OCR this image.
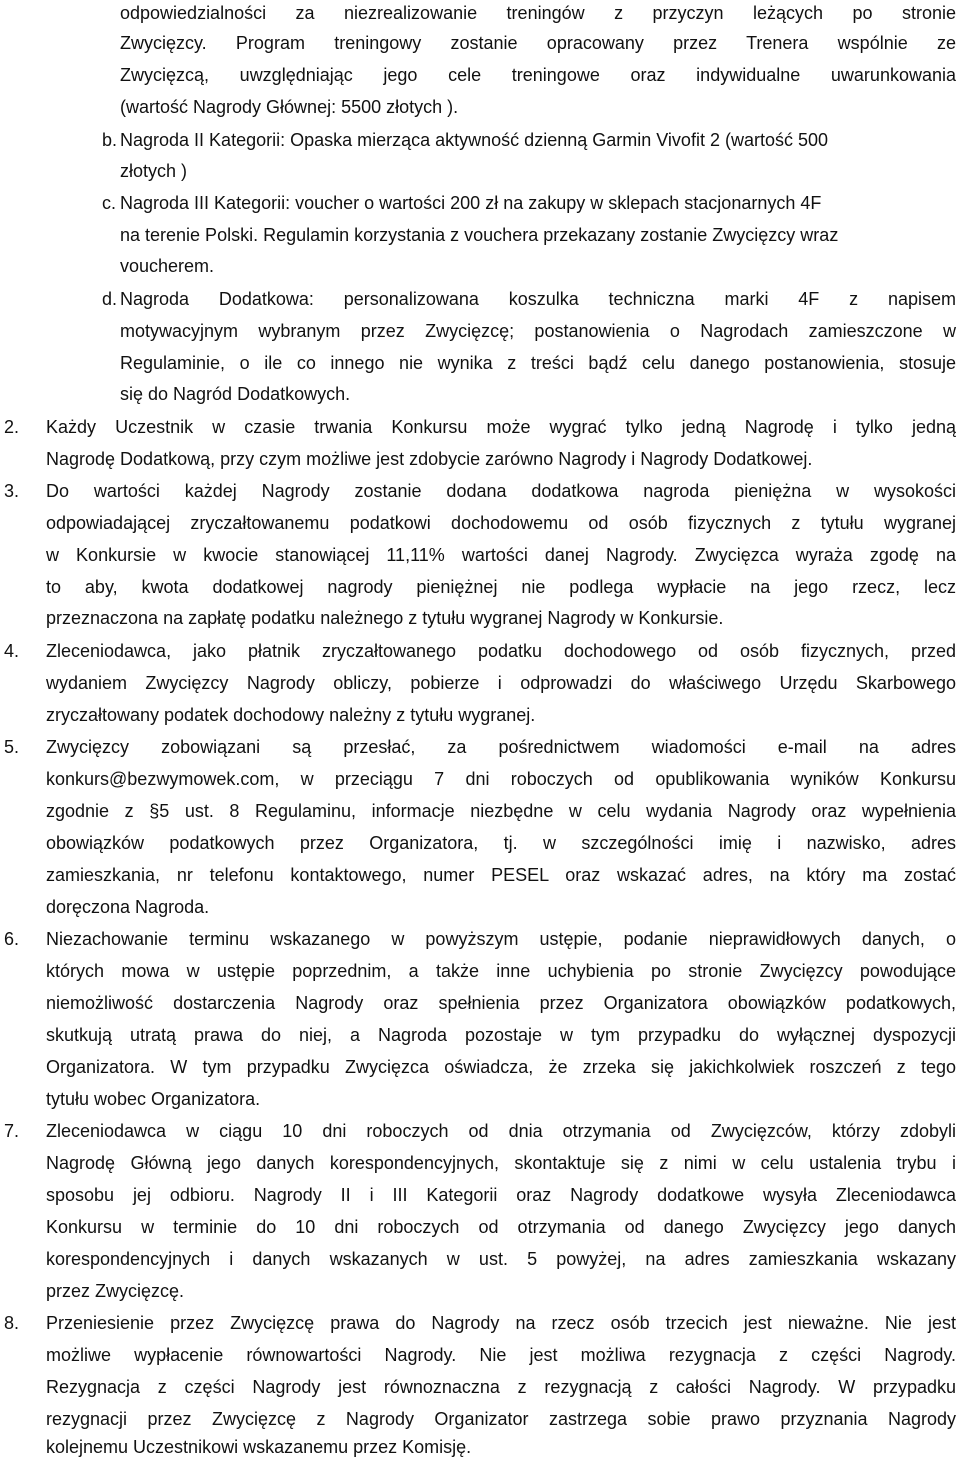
odpowiedzialności za niezrealizowanie treningów z przyczyn leżących po stronie
Zwycięzcy. Program treningowy zostanie opracowany przez Trenera wspólnie ze
Zwycięzcą, uwzględniając jego cele treningowe oraz indywidualne uwarunkowania
(wartość Nagrody Głównej: 5500 złotych ).
b. Nagroda II Kategorii: Opaska mierząca aktywność dzienną Garmin Vivofit 2 (wartość 500
złotych )
c. Nagroda III Kategorii: voucher o wartości 200 zł na zakupy w sklepach stacjonarnych 4F
na terenie Polski. Regulamin korzystania z vouchera przekazany zostanie Zwycięzcy wraz
voucherem.
d. Nagroda Dodatkowa: personalizowana koszulka techniczna marki 4F z napisem
motywacyjnym wybranym przez Zwycięzcę; postanowienia o Nagrodach zamieszczone w
Regulaminie, o ile co innego nie wynika z treści bądź celu danego postanowienia, stosuje
się do Nagród Dodatkowych.
2. Każdy Uczestnik w czasie trwania Konkursu może wygrać tylko jedną Nagrodę i tylko jedną
Nagrodę Dodatkową, przy czym możliwe jest zdobycie zarówno Nagrody i Nagrody Dodatkowej.
3. Do wartości każdej Nagrody zostanie dodana dodatkowa nagroda pieniężna w wysokości
odpowiadającej zryczałtowanemu podatkowi dochodowemu od osób fizycznych z tytułu wygranej
w Konkursie w kwocie stanowiącej 11,11% wartości danej Nagrody. Zwycięzca wyraża zgodę na
to aby, kwota dodatkowej nagrody pieniężnej nie podlega wypłacie na jego rzecz, lecz
przeznaczona na zapłatę podatku należnego z tytułu wygranej Nagrody w Konkursie.
4. Zleceniodawca, jako płatnik zryczałtowanego podatku dochodowego od osób fizycznych, przed
wydaniem Zwycięzcy Nagrody obliczy, pobierze i odprowadzi do właściwego Urzędu Skarbowego
zryczałtowany podatek dochodowy należny z tytułu wygranej.
5. Zwycięzcy zobowiązani są przesłać, za pośrednictwem wiadomości e-mail na adres
konkurs@bezwymowek.com, w przeciągu 7 dni roboczych od opublikowania wyników Konkursu
zgodnie z §5 ust. 8 Regulaminu, informacje niezbędne w celu wydania Nagrody oraz wypełnienia
obowiązków podatkowych przez Organizatora, tj. w szczególności imię i nazwisko, adres
zamieszkania, nr telefonu kontaktowego, numer PESEL oraz wskazać adres, na który ma zostać
doręczona Nagroda.
6. Niezachowanie terminu wskazanego w powyższym ustępie, podanie nieprawidłowych danych, o
których mowa w ustępie poprzednim, a także inne uchybienia po stronie Zwycięzcy powodujące
niemożliwość dostarczenia Nagrody oraz spełnienia przez Organizatora obowiązków podatkowych,
skutkują utratą prawa do niej, a Nagroda pozostaje w tym przypadku do wyłącznej dyspozycji
Organizatora. W tym przypadku Zwycięzca oświadcza, że zrzeka się jakichkolwiek roszczeń z tego
tytułu wobec Organizatora.
7. Zleceniodawca w ciągu 10 dni roboczych od dnia otrzymania od Zwycięzców, którzy zdobyli
Nagrodę Główną jego danych korespondencyjnych, skontaktuje się z nimi w celu ustalenia trybu i
sposobu jej odbioru. Nagrody II i III Kategorii oraz Nagrody dodatkowe wysyła Zleceniodawca
Konkursu w terminie do 10 dni roboczych od otrzymania od danego Zwycięzcy jego danych
korespondencyjnych i danych wskazanych w ust. 5 powyżej, na adres zamieszkania wskazany
przez Zwycięzcę.
8. Przeniesienie przez Zwycięzcę prawa do Nagrody na rzecz osób trzecich jest nieważne. Nie jest
możliwe wypłacenie równowartości Nagrody. Nie jest możliwa rezygnacja z części Nagrody.
Rezygnacja z części Nagrody jest równoznaczna z rezygnacją z całości Nagrody. W przypadku
rezygnacji przez Zwycięzcę z Nagrody Organizator zastrzega sobie prawo przyznania Nagrody
kolejnemu Uczestnikowi wskazanemu przez Komisję.
